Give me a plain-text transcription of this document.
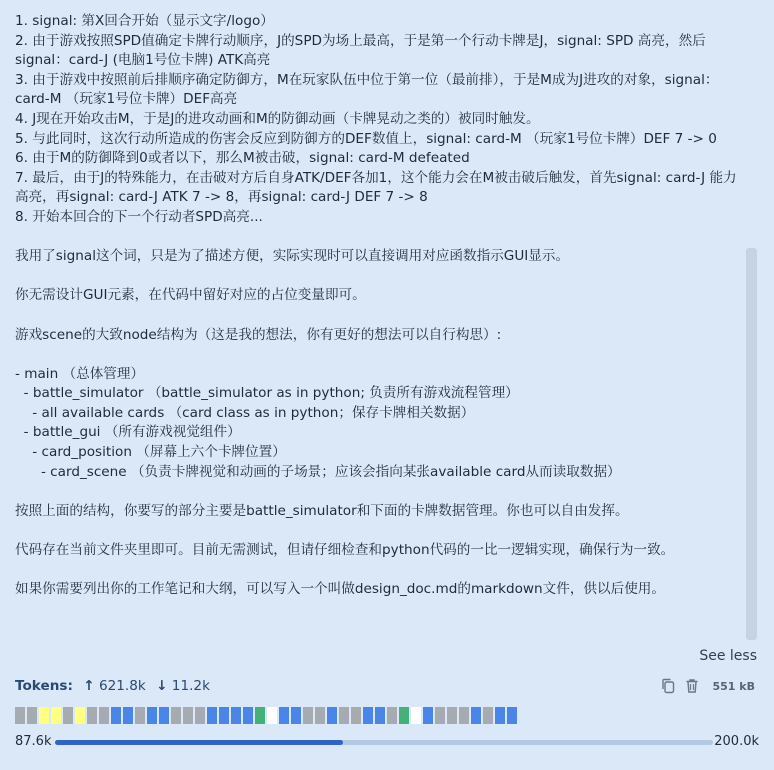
1. signal: 第X回合开始（显示文字/logo）
2. 由于游戏按照SPD值确定卡牌行动顺序，J的SPD为场上最高，于是第一个行动卡牌是J，signal: SPD 高亮，然后signal：card-J (电脑1号位卡牌) ATK高亮
3. 由于游戏中按照前后排顺序确定防御方，M在玩家队伍中位于第一位（最前排），于是M成为J进攻的对象，signal：card-M （玩家1号位卡牌）DEF高亮
4. J现在开始攻击M，于是J的进攻动画和M的防御动画（卡牌晃动之类的）被同时触发。
5. 与此同时，这次行动所造成的伤害会反应到防御方的DEF数值上，signal: card-M （玩家1号位卡牌）DEF 7 -> 0
6. 由于M的防御降到0或者以下，那么M被击破，signal: card-M defeated
7. 最后，由于J的特殊能力，在击破对方后自身ATK/DEF各加1，这个能力会在M被击破后触发，首先signal: card-J 能力高亮，再signal: card-J ATK 7 -> 8，再signal: card-J DEF 7 -> 8
8. 开始本回合的下一个行动者SPD高亮...
我用了signal这个词，只是为了描述方便，实际实现时可以直接调用对应函数指示GUI显示。
你无需设计GUI元素，在代码中留好对应的占位变量即可。
游戏scene的大致node结构为（这是我的想法，你有更好的想法可以自行构思）:
- main （总体管理）
- battle_simulator （battle_simulator as in python; 负责所有游戏流程管理）
- all available cards （card class as in python；保存卡牌相关数据）
- battle_gui （所有游戏视觉组件）
- card_position （屏幕上六个卡牌位置）
- card_scene （负责卡牌视觉和动画的子场景；应该会指向某张available card从而读取数据）
按照上面的结构，你要写的部分主要是battle_simulator和下面的卡牌数据管理。你也可以自由发挥。
代码存在当前文件夹里即可。目前无需测试，但请仔细检查和python代码的一比一逻辑实现，确保行为一致。
如果你需要列出你的工作笔记和大纲，可以写入一个叫做design_doc.md的markdown文件，供以后使用。
See less
Tokens: ↑ 621.8k ↓ 11.2k	551 kB
87.6k	200.0k
